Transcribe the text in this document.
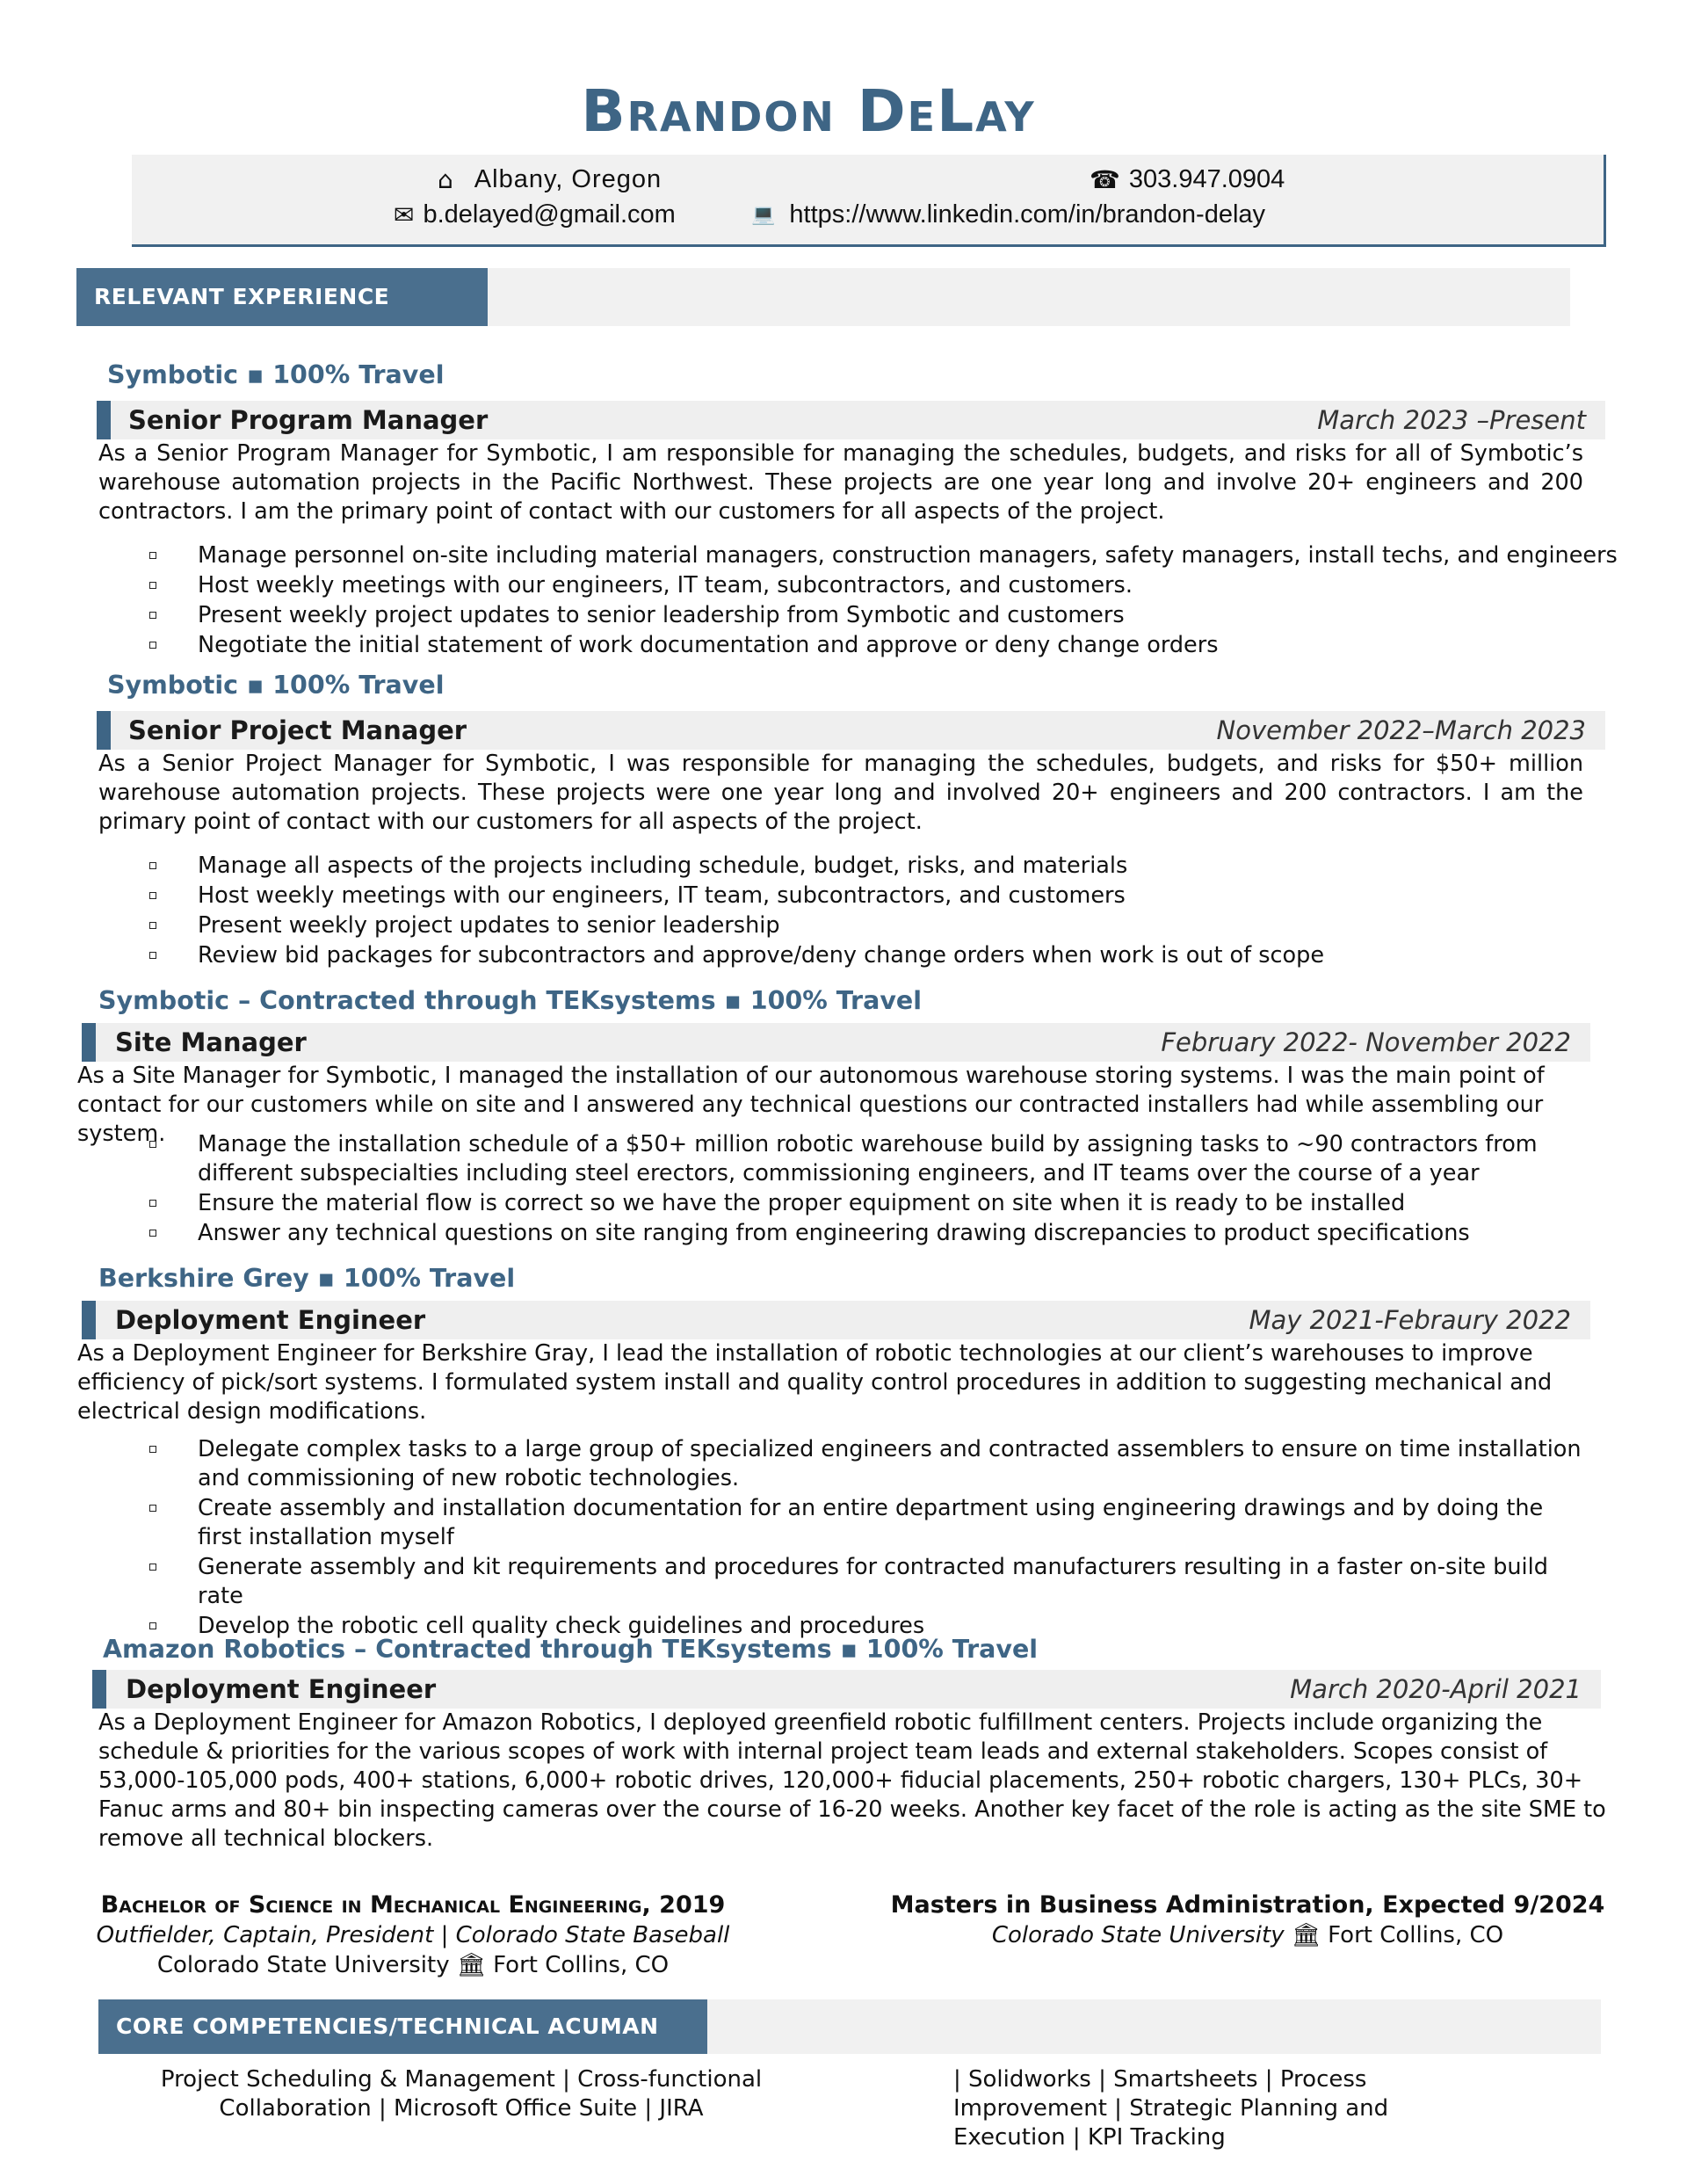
Brandon DeLay
⌂ Albany, Oregon	☎ 303.947.0904
✉ b.delayed@gmail.com	💻 https://www.linkedin.com/in/brandon-delay
RELEVANT EXPERIENCE
Symbotic ▪ 100% Travel
Senior Program Manager	March 2023 –Present
As a Senior Program Manager for Symbotic, I am responsible for managing the schedules, budgets, and risks for all of Symbotic’s warehouse automation projects in the Pacific Northwest. These projects are one year long and involve 20+ engineers and 200 contractors. I am the primary point of contact with our customers for all aspects of the project.
Manage personnel on-site including material managers, construction managers, safety managers, install techs, and engineers
Host weekly meetings with our engineers, IT team, subcontractors, and customers.
Present weekly project updates to senior leadership from Symbotic and customers
Negotiate the initial statement of work documentation and approve or deny change orders
Symbotic ▪ 100% Travel
Senior Project Manager	November 2022–March 2023
As a Senior Project Manager for Symbotic, I was responsible for managing the schedules, budgets, and risks for $50+ million warehouse automation projects. These projects were one year long and involved 20+ engineers and 200 contractors. I am the primary point of contact with our customers for all aspects of the project.
Manage all aspects of the projects including schedule, budget, risks, and materials
Host weekly meetings with our engineers, IT team, subcontractors, and customers
Present weekly project updates to senior leadership
Review bid packages for subcontractors and approve/deny change orders when work is out of scope
Symbotic – Contracted through TEKsystems ▪ 100% Travel
Site Manager	February 2022- November 2022
As a Site Manager for Symbotic, I managed the installation of our autonomous warehouse storing systems. I was the main point of contact for our customers while on site and I answered any technical questions our contracted installers had while assembling our system.	Manage the installation schedule of a $50+ million robotic warehouse build by assigning tasks to ~90 contractors from different subspecialties including steel erectors, commissioning engineers, and IT teams over the course of a year
Ensure the material flow is correct so we have the proper equipment on site when it is ready to be installed
Answer any technical questions on site ranging from engineering drawing discrepancies to product specifications
Berkshire Grey ▪ 100% Travel
Deployment Engineer	May 2021-Febraury 2022
As a Deployment Engineer for Berkshire Gray, I lead the installation of robotic technologies at our client’s warehouses to improve efficiency of pick/sort systems. I formulated system install and quality control procedures in addition to suggesting mechanical and electrical design modifications.
Delegate complex tasks to a large group of specialized engineers and contracted assemblers to ensure on time installation and commissioning of new robotic technologies.
Create assembly and installation documentation for an entire department using engineering drawings and by doing the first installation myself
Generate assembly and kit requirements and procedures for contracted manufacturers resulting in a faster on-site build rate
Develop the robotic cell quality check guidelines and procedures
Amazon Robotics – Contracted through TEKsystems ▪ 100% Travel
Deployment Engineer	March 2020-April 2021
As a Deployment Engineer for Amazon Robotics, I deployed greenfield robotic fulfillment centers. Projects include organizing the schedule & priorities for the various scopes of work with internal project team leads and external stakeholders. Scopes consist of 53,000-105,000 pods, 400+ stations, 6,000+ robotic drives, 120,000+ fiducial placements, 250+ robotic chargers, 130+ PLCs, 30+ Fanuc arms and 80+ bin inspecting cameras over the course of 16-20 weeks. Another key facet of the role is acting as the site SME to remove all technical blockers.
Bachelor of Science in Mechanical Engineering, 2019
Outfielder, Captain, President | Colorado State Baseball
Colorado State University 🏛 Fort Collins, CO
Masters in Business Administration, Expected 9/2024
Colorado State University 🏛 Fort Collins, CO
CORE COMPETENCIES/TECHNICAL ACUMAN
Project Scheduling & Management | Cross-functional Collaboration | Microsoft Office Suite | JIRA
| Solidworks | Smartsheets | Process Improvement | Strategic Planning and Execution | KPI Tracking
